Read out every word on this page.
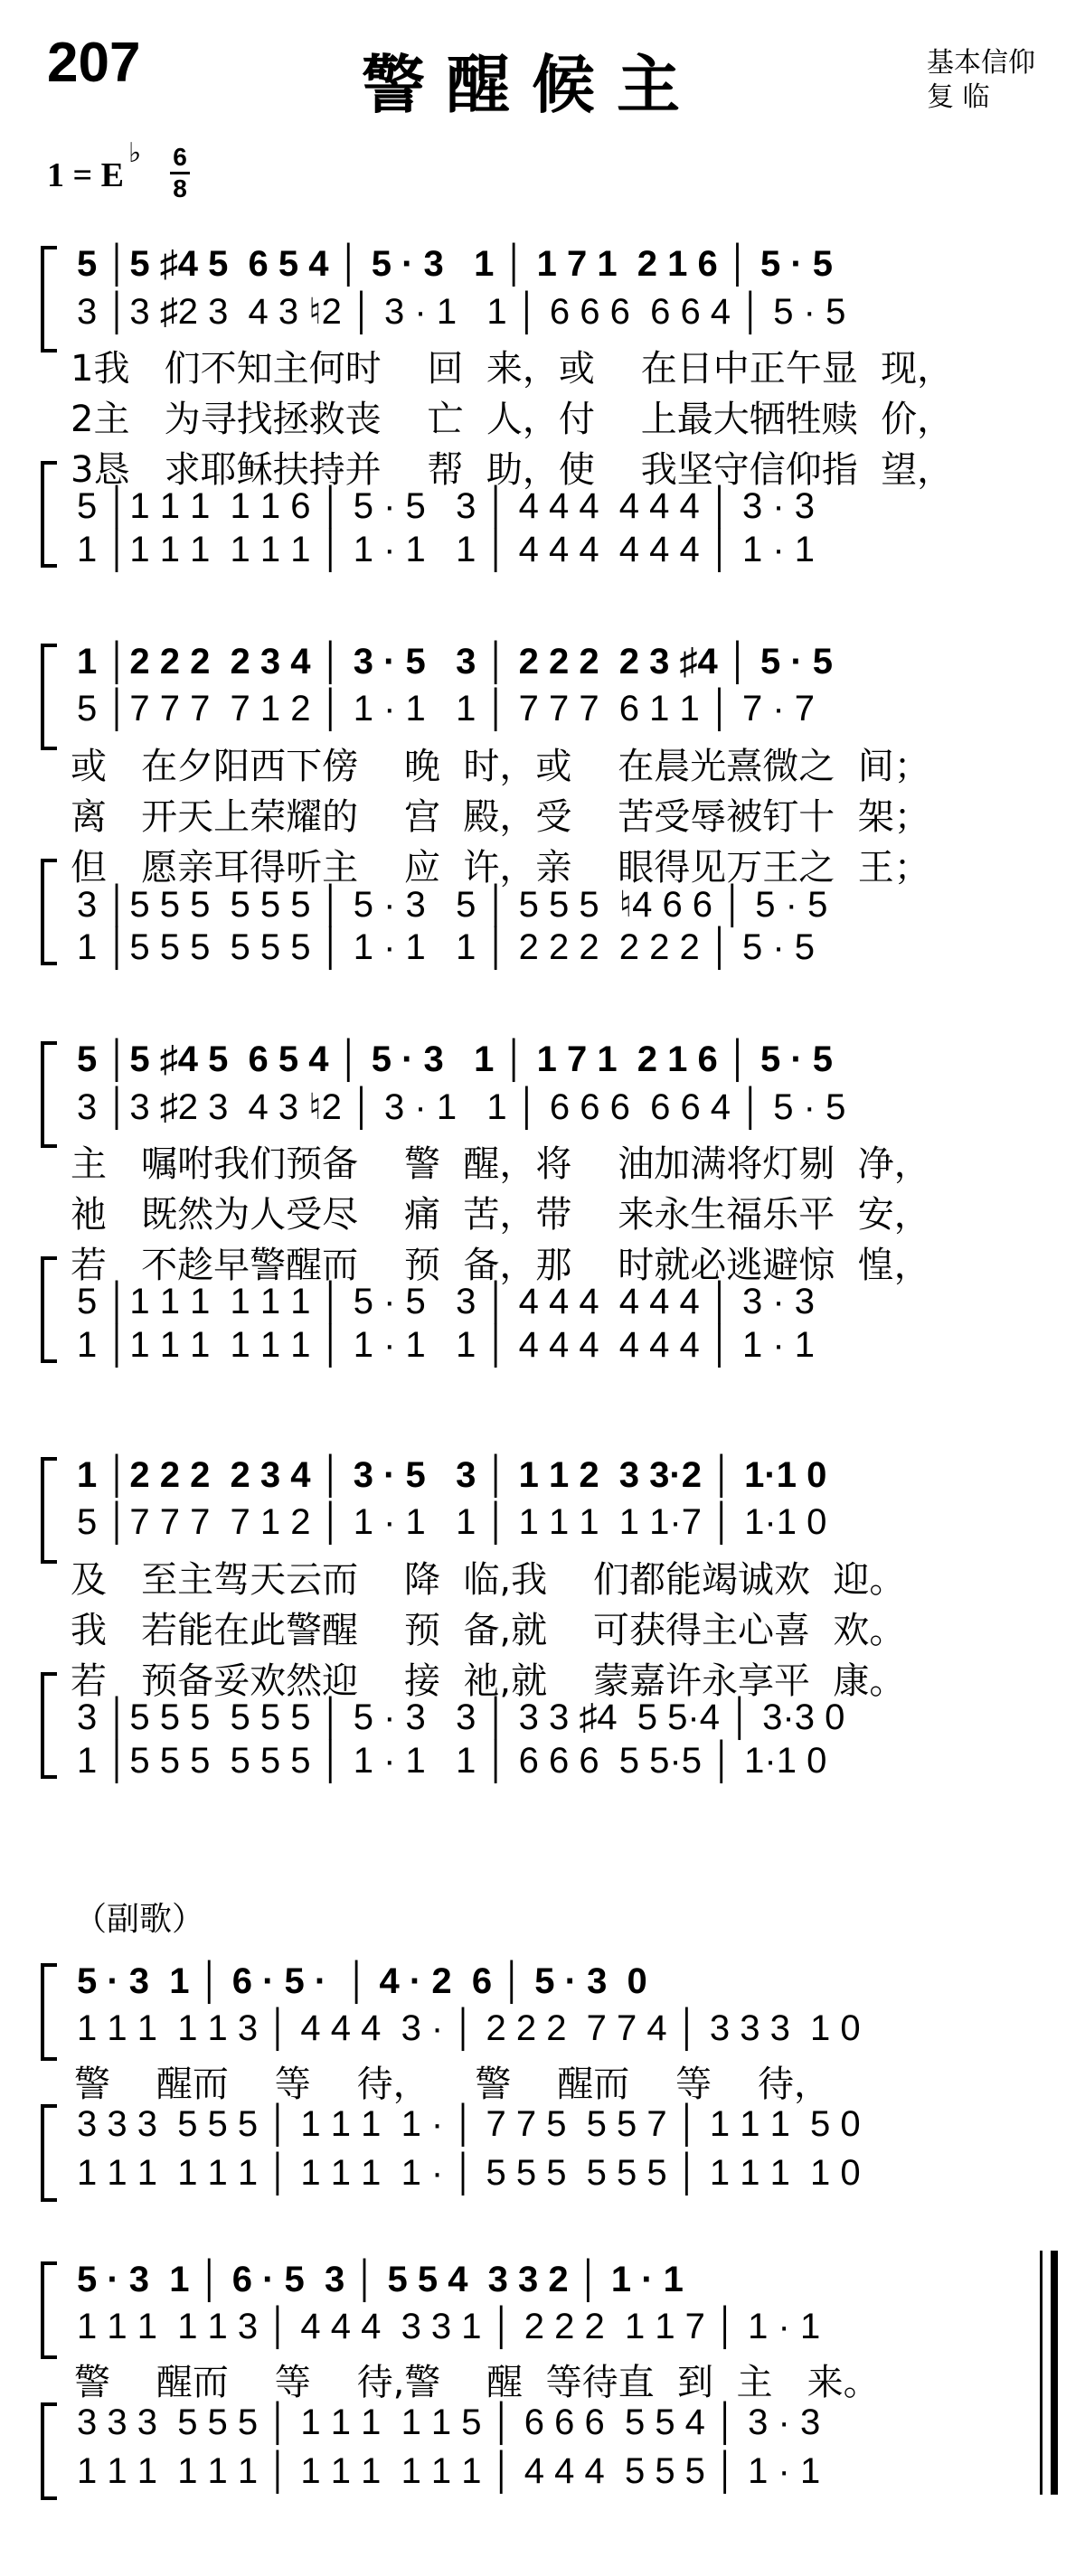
207	警醒候主	基本信仰
复 临
1 = E
♭ 6
8
5 │5 ♯4 5  6 5 4 │ 5 · 3   1 │ 1 7 1  2 1 6 │ 5 · 5
3 │3 ♯2 3  4 3 ♮2 │ 3 · 1   1 │ 6 6 6  6 6 4 │ 5 · 5
1我   们不知主何时    回  来，或    在日中正午显  现，
2主   为寻找拯救丧    亡  人，付    上最大牺牲赎  价，
3恳   求耶稣扶持并    帮  助，使    我坚守信仰指  望，
5 │1 1 1  1 1 6 │ 5 · 5   3 │ 4 4 4  4 4 4 │ 3 · 3
1 │1 1 1  1 1 1 │ 1 · 1   1 │ 4 4 4  4 4 4 │ 1 · 1
1 │2 2 2  2 3 4 │ 3 · 5   3 │ 2 2 2  2 3 ♯4 │ 5 · 5
5 │7 7 7  7 1 2 │ 1 · 1   1 │ 7 7 7  6 1 1 │ 7 · 7
或   在夕阳西下傍    晚  时，或    在晨光熹微之  间；
离   开天上荣耀的    宫  殿，受    苦受辱被钉十  架；
但   愿亲耳得听主    应  许，亲    眼得见万王之  王；
3 │5 5 5  5 5 5 │ 5 · 3   5 │ 5 5 5  ♮4 6 6 │ 5 · 5
1 │5 5 5  5 5 5 │ 1 · 1   1 │ 2 2 2  2 2 2 │ 5 · 5
5 │5 ♯4 5  6 5 4 │ 5 · 3   1 │ 1 7 1  2 1 6 │ 5 · 5
3 │3 ♯2 3  4 3 ♮2 │ 3 · 1   1 │ 6 6 6  6 6 4 │ 5 · 5
主   嘱咐我们预备    警  醒，将    油加满将灯剔  净，
祂   既然为人受尽    痛  苦，带    来永生福乐平  安，
若   不趁早警醒而    预  备，那    时就必逃避惊  惶，
5 │1 1 1  1 1 1 │ 5 · 5   3 │ 4 4 4  4 4 4 │ 3 · 3
1 │1 1 1  1 1 1 │ 1 · 1   1 │ 4 4 4  4 4 4 │ 1 · 1
1 │2 2 2  2 3 4 │ 3 · 5   3 │ 1 1 2  3 3·2 │ 1·1 0
5 │7 7 7  7 1 2 │ 1 · 1   1 │ 1 1 1  1 1·7 │ 1·1 0
及   至主驾天云而    降  临,我    们都能竭诚欢  迎。
我   若能在此警醒    预  备,就    可获得主心喜  欢。
若   预备妥欢然迎    接  祂,就    蒙嘉许永享平  康。
3 │5 5 5  5 5 5 │ 5 · 3   3 │ 3 3 ♯4  5 5·4 │ 3·3 0
1 │5 5 5  5 5 5 │ 1 · 1   1 │ 6 6 6  5 5·5 │ 1·1 0
（副歌）
5 · 3  1 │ 6 · 5 ·  │ 4 · 2  6 │ 5 · 3  0
1 1 1  1 1 3 │ 4 4 4  3 · │ 2 2 2  7 7 4 │ 3 3 3  1 0
警    醒而    等    待，    警    醒而    等    待，
3 3 3  5 5 5 │ 1 1 1  1 · │ 7 7 5  5 5 7 │ 1 1 1  5 0
1 1 1  1 1 1 │ 1 1 1  1 · │ 5 5 5  5 5 5 │ 1 1 1  1 0
5 · 3  1 │ 6 · 5  3 │ 5 5 4  3 3 2 │ 1 · 1
1 1 1  1 1 3 │ 4 4 4  3 3 1 │ 2 2 2  1 1 7 │ 1 · 1
警    醒而    等    待,警    醒  等待直  到  主   来。
3 3 3  5 5 5 │ 1 1 1  1 1 5 │ 6 6 6  5 5 4 │ 3 · 3
1 1 1  1 1 1 │ 1 1 1  1 1 1 │ 4 4 4  5 5 5 │ 1 · 1
